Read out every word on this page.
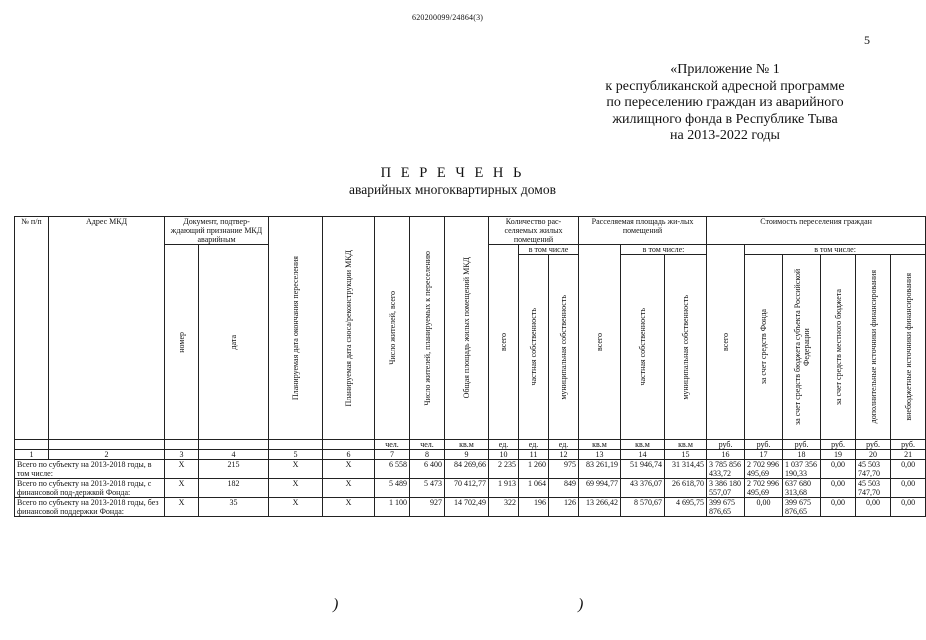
620200099/24864(3)
5
«Приложение № 1
к республиканской адресной программе
по переселению граждан из аварийного
жилищного фонда в Республике Тыва
на 2013-2022 годы
П Е Р Е Ч Е Н Ь
аварийных многоквартирных домов
№ п/п	Адрес МКД	Документ, подтвер-ждающий признание МКД аварийным		Планируемая дата окончания переселения	Планируемая дата сноса/реконструкции МКД	Число жителей, всего	Число жителей, планируемых к переселению	Общая площадь жилых помещений МКД	Количество рас-селяемых жилых помещений			Расселяемая площадь жи-лых помещений			Стоимость переселения граждан					

		номер	дата						всего	в том числе		всего	в том числе:		всего	в том числе:				

										частная собственность	муниципальная собственность		частная собственность	муниципальная собственность		за счет средств Фонда	за счет средств бюджета субъекта Российской Федерации	за счет средств местного бюджета	дополнительные источники финансирования	внебюджетные источники финансирования

						чел.	чел.	кв.м	ед.	ед.	ед.	кв.м	кв.м	кв.м	руб.	руб.	руб.	руб.	руб.	руб.
1	2	3	4	5	6	7	8	9	10	11	12	13	14	15	16	17	18	19	20	21
Всего по субъекту на 2013-2018 годы, в том числе:		X	215	X	X	6 558	6 400	84 269,66	2 235	1 260	975	83 261,19	51 946,74	31 314,45	3 785 856 433,72	2 702 996 495,69	1 037 356 190,33	0,00	45 503 747,70	0,00
Всего по субъекту на 2013-2018 годы, с финансовой под-держкой Фонда:		X	182	X	X	5 489	5 473	70 412,77	1 913	1 064	849	69 994,77	43 376,07	26 618,70	3 386 180 557,07	2 702 996 495,69	637 680 313,68	0,00	45 503 747,70	0,00
Всего по субъекту на 2013-2018 годы, без финансовой поддержки Фонда:		X	35	X	X	1 100	927	14 702,49	322	196	126	13 266,42	8 570,67	4 695,75	399 675 876,65	0,00	399 675 876,65	0,00	0,00	0,00
)	)
